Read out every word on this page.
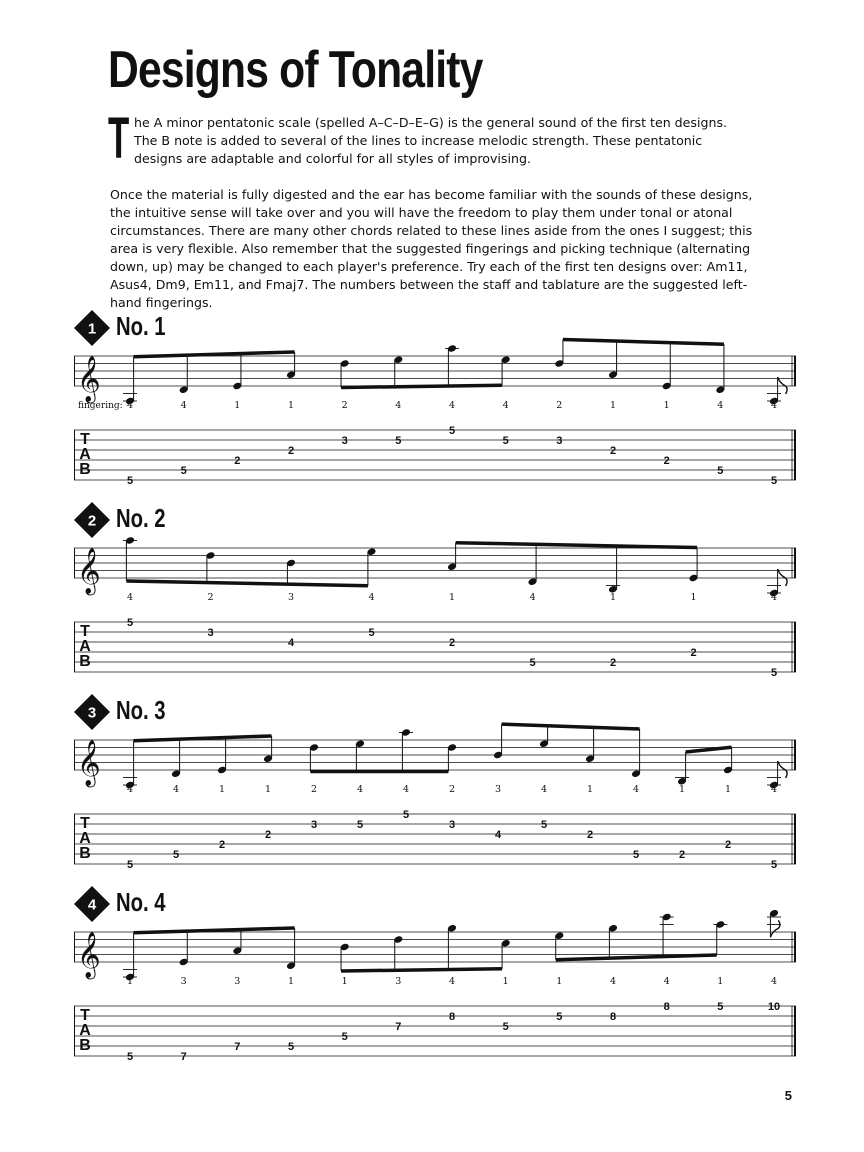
Designs of Tonality
T he A minor pentatonic scale (spelled A–C–D–E–G) is the general sound of the first ten designs. The B note is added to several of the lines to increase melodic strength. These pentatonic designs are adaptable and colorful for all styles of improvising.

Once the material is fully digested and the ear has become familiar with the sounds of these designs, the intuitive sense will take over and you will have the freedom to play them under tonal or atonal circumstances. There are many other chords related to these lines aside from the ones I suggest; this area is very flexible. Also remember that the suggested fingerings and picking technique (alternating down, up) may be changed to each player's preference. Try each of the first ten designs over: Am11, Asus4, Dm9, Em11, and Fmaj7. The numbers between the staff and tablature are the suggested left-hand fingerings.

1 No. 1
𝄞
T
A
B
fingering: 4
5
4
5
1
2
1
2
2
3
4
5
4
5
4
5
2
3
1
2
1
2
4
5
4
5
2 No. 2
𝄞
T
A
B
4
5
2
3
3
4
4
5
1
2
4
5
1
2
1
2
4
5
3 No. 3
𝄞
T
A
B
4
5
4
5
1
2
1
2
2
3
4
5
4
5
2
3
3
4
4
5
1
2
4
5
1
2
1
2
4
5
4 No. 4
𝄞
T
A
B
1
5
3
7
3
7
1
5
1
5
3
7
4
8
1
5
1
5
4
8
4
8
1
5
4
10
5
